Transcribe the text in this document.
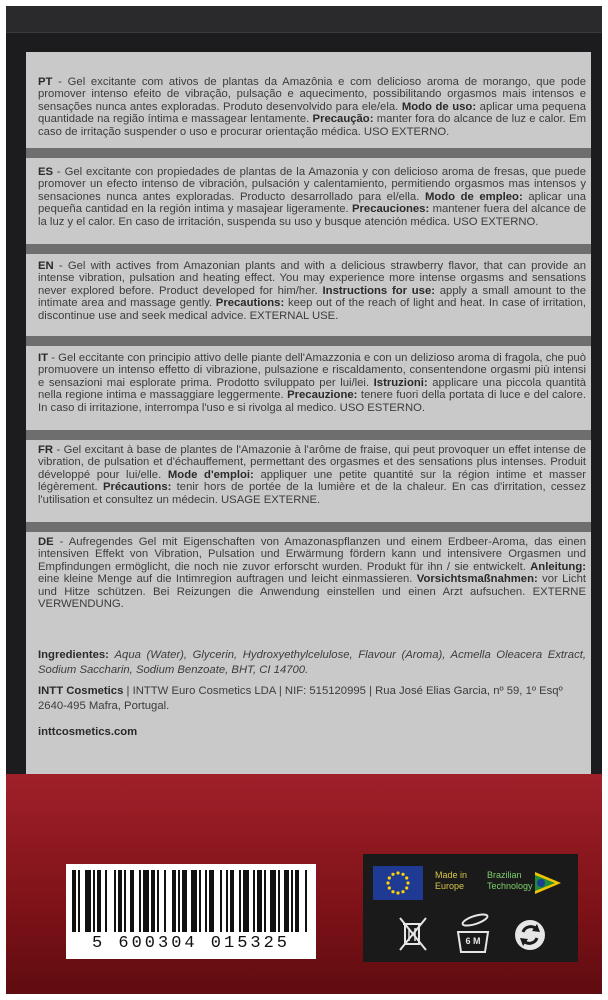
PT - Gel excitante com ativos de plantas da Amazônia e com delicioso aroma de morango, que pode promover intenso efeito de vibração, pulsação e aquecimento, possibilitando orgasmos mais intensos e sensações nunca antes exploradas. Produto desenvolvido para ele/ela. Modo de uso: aplicar uma pequena quantidade na região íntima e massagear lentamente. Precaução: manter fora do alcance de luz e calor. Em caso de irritação suspender o uso e procurar orientação médica. USO EXTERNO.

ES - Gel excitante con propiedades de plantas de la Amazonia y con delicioso aroma de fresas, que puede promover un efecto intenso de vibración, pulsación y calentamiento, permitiendo orgasmos mas intensos y sensaciones nunca antes exploradas. Producto desarrollado para el/ella. Modo de empleo: aplicar una pequeña cantidad en la región intima y masajear ligeramente. Precauciones: mantener fuera del alcance de la luz y el calor. En caso de irritación, suspenda su uso y busque atención médica. USO EXTERNO.

EN - Gel with actives from Amazonian plants and with a delicious strawberry flavor, that can provide an intense vibration, pulsation and heating effect. You may experience more intense orgasms and sensations never explored before. Product developed for him/her. Instructions for use: apply a small amount to the intimate area and massage gently. Precautions: keep out of the reach of light and heat. In case of irritation, discontinue use and seek medical advice. EXTERNAL USE.

IT - Gel eccitante con principio attivo delle piante dell'Amazzonia e con un delizioso aroma di fragola, che può promuovere un intenso effetto di vibrazione, pulsazione e riscaldamento, consentendone orgasmi più intensi e sensazioni mai esplorate prima. Prodotto sviluppato per lui/lei. Istruzioni: applicare una piccola quantità nella regione intima e massaggiare leggermente. Precauzione: tenere fuori della portata di luce e del calore. In caso di irritazione, interrompa l'uso e si rivolga al medico. USO ESTERNO.

FR - Gel excitant à base de plantes de l'Amazonie à l'arôme de fraise, qui peut provoquer un effet intense de vibration, de pulsation et d'échauffement, permettant des orgasmes et des sensations plus intenses. Produit développé pour lui/elle. Mode d'emploi: appliquer une petite quantité sur la région intime et masser légèrement. Précautions: tenir hors de portée de la lumière et de la chaleur. En cas d'irritation, cessez l'utilisation et consultez un médecin. USAGE EXTERNE.

DE - Aufregendes Gel mit Eigenschaften von Amazonaspflanzen und einem Erdbeer-Aroma, das einen intensiven Effekt von Vibration, Pulsation und Erwärmung fördern kann und intensivere Orgasmen und Empfindungen ermöglicht, die noch nie zuvor erforscht wurden. Produkt für ihn / sie entwickelt. Anleitung: eine kleine Menge auf die Intimregion auftragen und leicht einmassieren. Vorsichtsmaßnahmen: vor Licht und Hitze schützen. Bei Reizungen die Anwendung einstellen und einen Arzt aufsuchen. EXTERNE VERWENDUNG.

Ingredientes: Aqua (Water), Glycerin, Hydroxyethylcelulose, Flavour (Aroma), Acmella Oleacera Extract, Sodium Saccharin, Sodium Benzoate, BHT, CI 14700.

INTT Cosmetics | INTTW Euro Cosmetics LDA | NIF: 515120995 | Rua José Elias Garcia, nº 59, 1º Esqº 2640-495 Mafra, Portugal.

inttcosmetics.com
5 600304 015325
Made in
Europe
Brazilian
Technology
6 M
